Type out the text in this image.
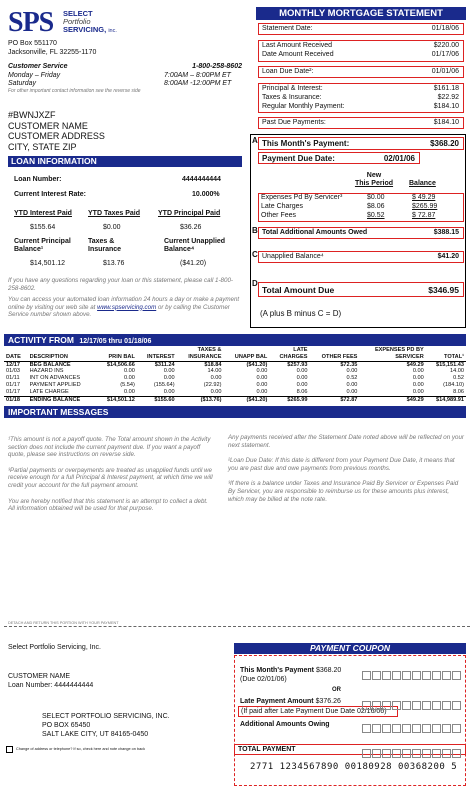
SPS SELECT
Portfolio
SERVICING, inc.
PO Box 551170
Jacksonville, FL 32255-1170
Customer Service	1-800-258-8602
Monday – Friday	7:00AM – 8:00PM ET
Saturday	8:00AM -12:00PM ET
For other important contact information see the reverse side
#BWNJXZF
CUSTOMER NAME
CUSTOMER ADDRESS
CITY, STATE ZIP
MONTHLY MORTGAGE STATEMENT
Statement Date:	01/18/06
Last Amount Received	$220.00
Date Amount Received	01/17/06
Loan Due Date²:	01/01/06
Principal & Interest:	$161.18
Taxes & Insurance:	$22.92
Regular Monthly Payment:	$184.10
Past Due Payments:	$184.10
A This Month's Payment:	$368.20
Payment Due Date:	02/01/06
New
This Period	Balance
Expenses Pd By Servicer³	$0.00	$ 49.29
Late Charges	$8.06	$265.99
Other Fees	$0.52	$ 72.87
B Total Additional Amounts Owed	$388.15
C Unapplied Balance⁴	$41.20
D
Total Amount Due	$346.95
(A plus B minus C = D)
LOAN INFORMATION
Loan Number:	4444444444
Current Interest Rate:	10.000%
YTD Interest Paid YTD Taxes Paid	YTD Principal Paid
$155.64	$0.00	$36.26
Current Principal Balance¹
Taxes & Insurance
Current Unapplied Balance⁴
$14,501.12	$13.76	($41.20)
If you have any questions regarding your loan or this statement, please call 1-800-258-8602.
You can access your automated loan information 24 hours a day or make a payment online by visiting our web site at www.spservicing.com or by calling the Customer Service number shown above.
ACTIVITY FROM 12/17/05 thru 01/18/06
				TAXES &		LATE		EXPENSES PD BY	
DATE	DESCRIPTION	PRIN BAL	INTEREST	INSURANCE	UNAPP BAL	CHARGES	OTHER FEES	SERVICER	TOTAL¹
12/17	BEG BALANCE	$14,506.66	$311.24	$18.84	($41.20)	$257.93	$72.35	$49.29	$15,151.43
01/03	HAZARD INS	0.00	0.00	14.00	0.00	0.00	0.00	0.00	14.00
01/11	INT ON ADVANCES	0.00	0.00	0.00	0.00	0.00	0.52	0.00	0.52
01/17	PAYMENT APPLIED	(5.54)	(155.64)	(22.92)	0.00	0.00	0.00	0.00	(184.10)
01/17	LATE CHARGE	0.00	0.00	0.00	0.00	8.06	0.00	0.00	8.06
01/18	ENDING BALANCE	$14,501.12	$155.60	($13.76)	($41.20)	$265.99	$72.87	$49.29	$14,989.91
IMPORTANT MESSAGES

¹This amount is not a payoff quote. The Total amount shown in the Activity section does not include the current payment due. If you want a payoff quote, please see instructions on reverse side.

³Partial payments or overpayments are treated as unapplied funds until we receive enough for a full Principal & Interest payment, at which time we will credit your account for the full payment amount.

You are hereby notified that this statement is an attempt to collect a debt. All information obtained will be used for that purpose.

Any payments received after the Statement Date noted above will be reflected on your next statement.

²Loan Due Date: If this date is different from your Payment Due Date, it means that you are past due and owe payments from previous months.

³If there is a balance under Taxes and Insurance Paid By Servicer or Expenses Paid By Servicer, you are responsible to reimburse us for these amounts plus interest, which may be billed at the note rate.

DETACH AND RETURN THIS PORTION WITH YOUR PAYMENT
Select Portfolio Servicing, Inc.	PAYMENT COUPON
CUSTOMER NAME
Loan Number: 4444444444
This Month's Payment $368.20
(Due 02/01/06)
OR
Late Payment Amount $376.26
(If paid after Late Payment Due Date 02/16/06)
Additional Amounts Owing
TOTAL PAYMENT
SELECT PORTFOLIO SERVICING, INC.
PO BOX 65450
SALT LAKE CITY, UT 84165-0450
Change of address or telephone? If so, check here and note change on back
2771 1234567890 00180928 00368200 5
